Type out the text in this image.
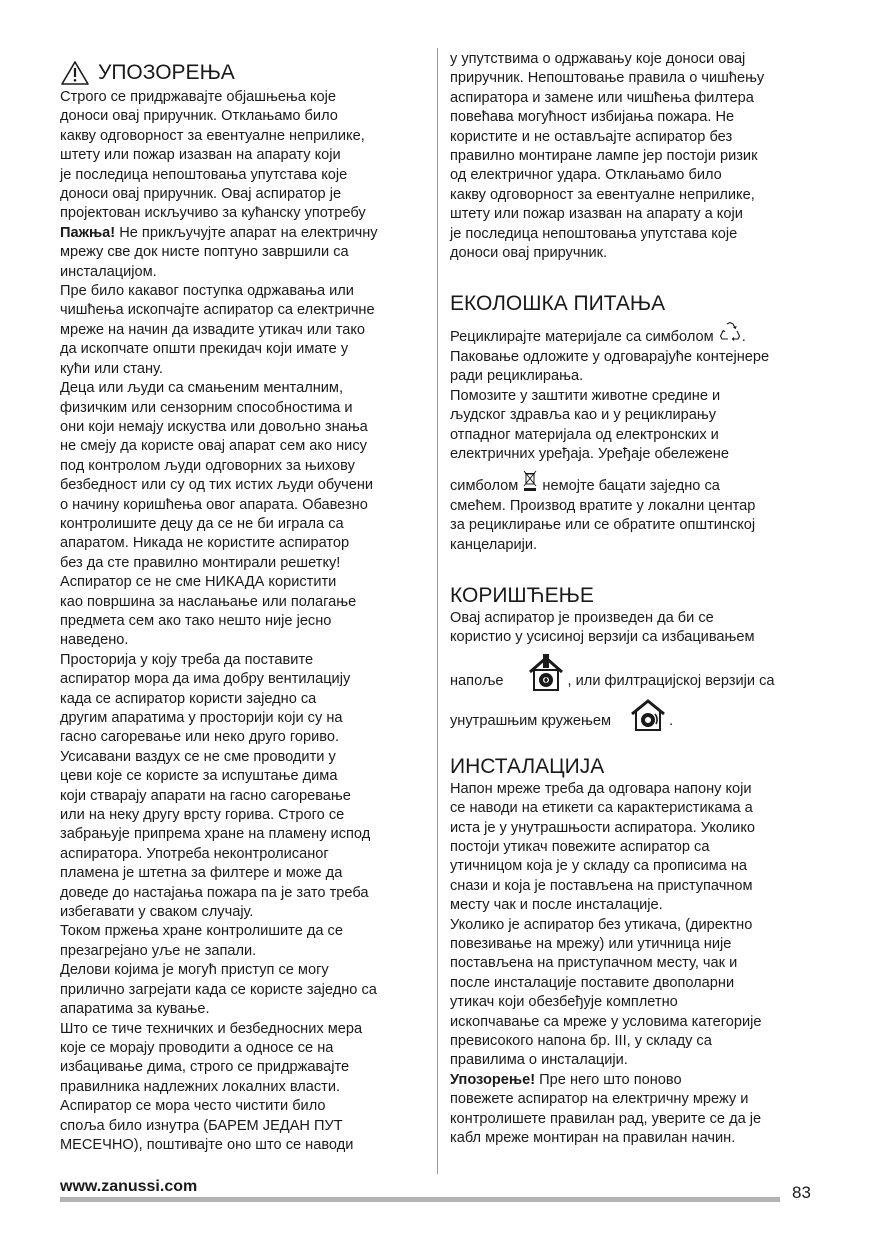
УПОЗОРЕЊА
Строго се придржавајте објашњења које
доноси овај приручник. Отклањамо било
какву одговорност за евентуалне неприлике,
штету или пожар изазван на апарату који
је последица непоштовања упутстава које
доноси овај приручник. Овај аспиратор је
пројектован искључиво за кућанску употребу
Пажња! Не прикључујте апарат на електричну
мрежу све док нисте поптуно завршили са
инсталацијом.
Пре било какавог поступка одржавања или
чишћења ископчајте аспиратор са електричне
мреже на начин да извадите утикач или тако
да ископчате општи прекидач који имате у
кући или стану.
Деца или људи са смањеним менталним,
физичким или сензорним способностима и
они који немају искуства или довољно знања
не смеју да користе овај апарат сем ако нису
под контролом људи одговорних за њихову
безбедност или су од тих истих људи обучени
о начину коришћења овог апарата. Обавезно
контролишите децу да се не би играла са
апаратом. Никада не користите аспиратор
без да сте правилно монтирали решетку!
Аспиратор се не сме НИКАДА користити
као површина за наслањање или полагање
предмета сем ако тако нешто није јесно
наведено.
Просторија у коју треба да поставите
аспиратор мора да има добру вентилацију
када се аспиратор користи заједно са
другим апаратима у просторији који су на
гасно сагоревање или неко друго гориво.
Усисавани ваздух се не сме проводити у
цеви које се користе за испуштање дима
који стварају апарати на гасно сагоревање
или на неку другу врсту горива. Строго се
забрањује припрема хране на пламену испод
аспиратора. Употреба неконтролисаног
пламена је штетна за филтере и може да
доведе до настајања пожара па је зато треба
избегавати у сваком случају.
Током пржења хране контролишите да се
презагрејано уље не запали.
Делови којима је могућ приступ се могу
прилично загрејати када се користе заједно са
апаратима за кување.
Што се тиче техничких и безбедносних мера
које се морају проводити а односе се на
избацивање дима, строго се придржавајте
правилника надлежних локалних власти.
Аспиратор се мора често чистити било
споља било изнутра (БАРЕМ ЈЕДАН ПУТ
МЕСЕЧНО), поштивајте оно што се наводи
у упутствима о одржавању које доноси овај
приручник. Непоштовање правила о чишћењу
аспиратора и замене или чишћења филтера
повећава могућност избијања пожара. Не
користите и не остављајте аспиратор без
правилно монтиране лампе јер постоји ризик
од електричног удара. Отклањамо било
какву одговорност за евентуалне неприлике,
штету или пожар изазван на апарату а који
је последица непоштовања упутстава које
доноси овај приручник.
ЕКОЛОШКА ПИТАЊА
Рециклирајте материјале са симболом .
Паковање одложите у одговарајуће контејнере
ради рециклирања.
Помозите у заштити животне средине и
људског здравља као и у рециклирању
отпадног материјала од електронских и
електричних уређаја. Уређаје обележене
симболом  немојте бацати заједно са
смећем. Производ вратите у локални центар
за рециклирање или се обратите општинској
канцеларији.
КОРИШЋЕЊЕ
Овај аспиратор је произведен да би се
користио у усисиној верзији са избацивањем
напоље	, или филтрацијској верзији са
унутрашњим кружењем	.
ИНСТАЛАЦИЈА
Напон мреже треба да одговара напону који
се наводи на етикети са карактеристикама а
иста је у унутрашњости аспиратора. Уколико
постоји утикач повежите аспиратор са
утичницом која је у складу са прописима на
снази и која је постављена на приступачном
месту чак и после инсталације.
Уколико је аспиратор без утикача, (директно
повезивање на мрежу) или утичница није
постављена на приступачном месту, чак и
после инсталације поставите двополарни
утикач који обезбеђује комплетно
ископчавање са мреже у условима категорије
превисокого напона бр. III, у складу са
правилима о инсталацији.
Упозорење! Пре него што поново
повежете аспиратор на електричну мрежу и
контролишете правилан рад, уверите се да је
кабл мреже монтиран на правилан начин.
www.zanussi.com	83
